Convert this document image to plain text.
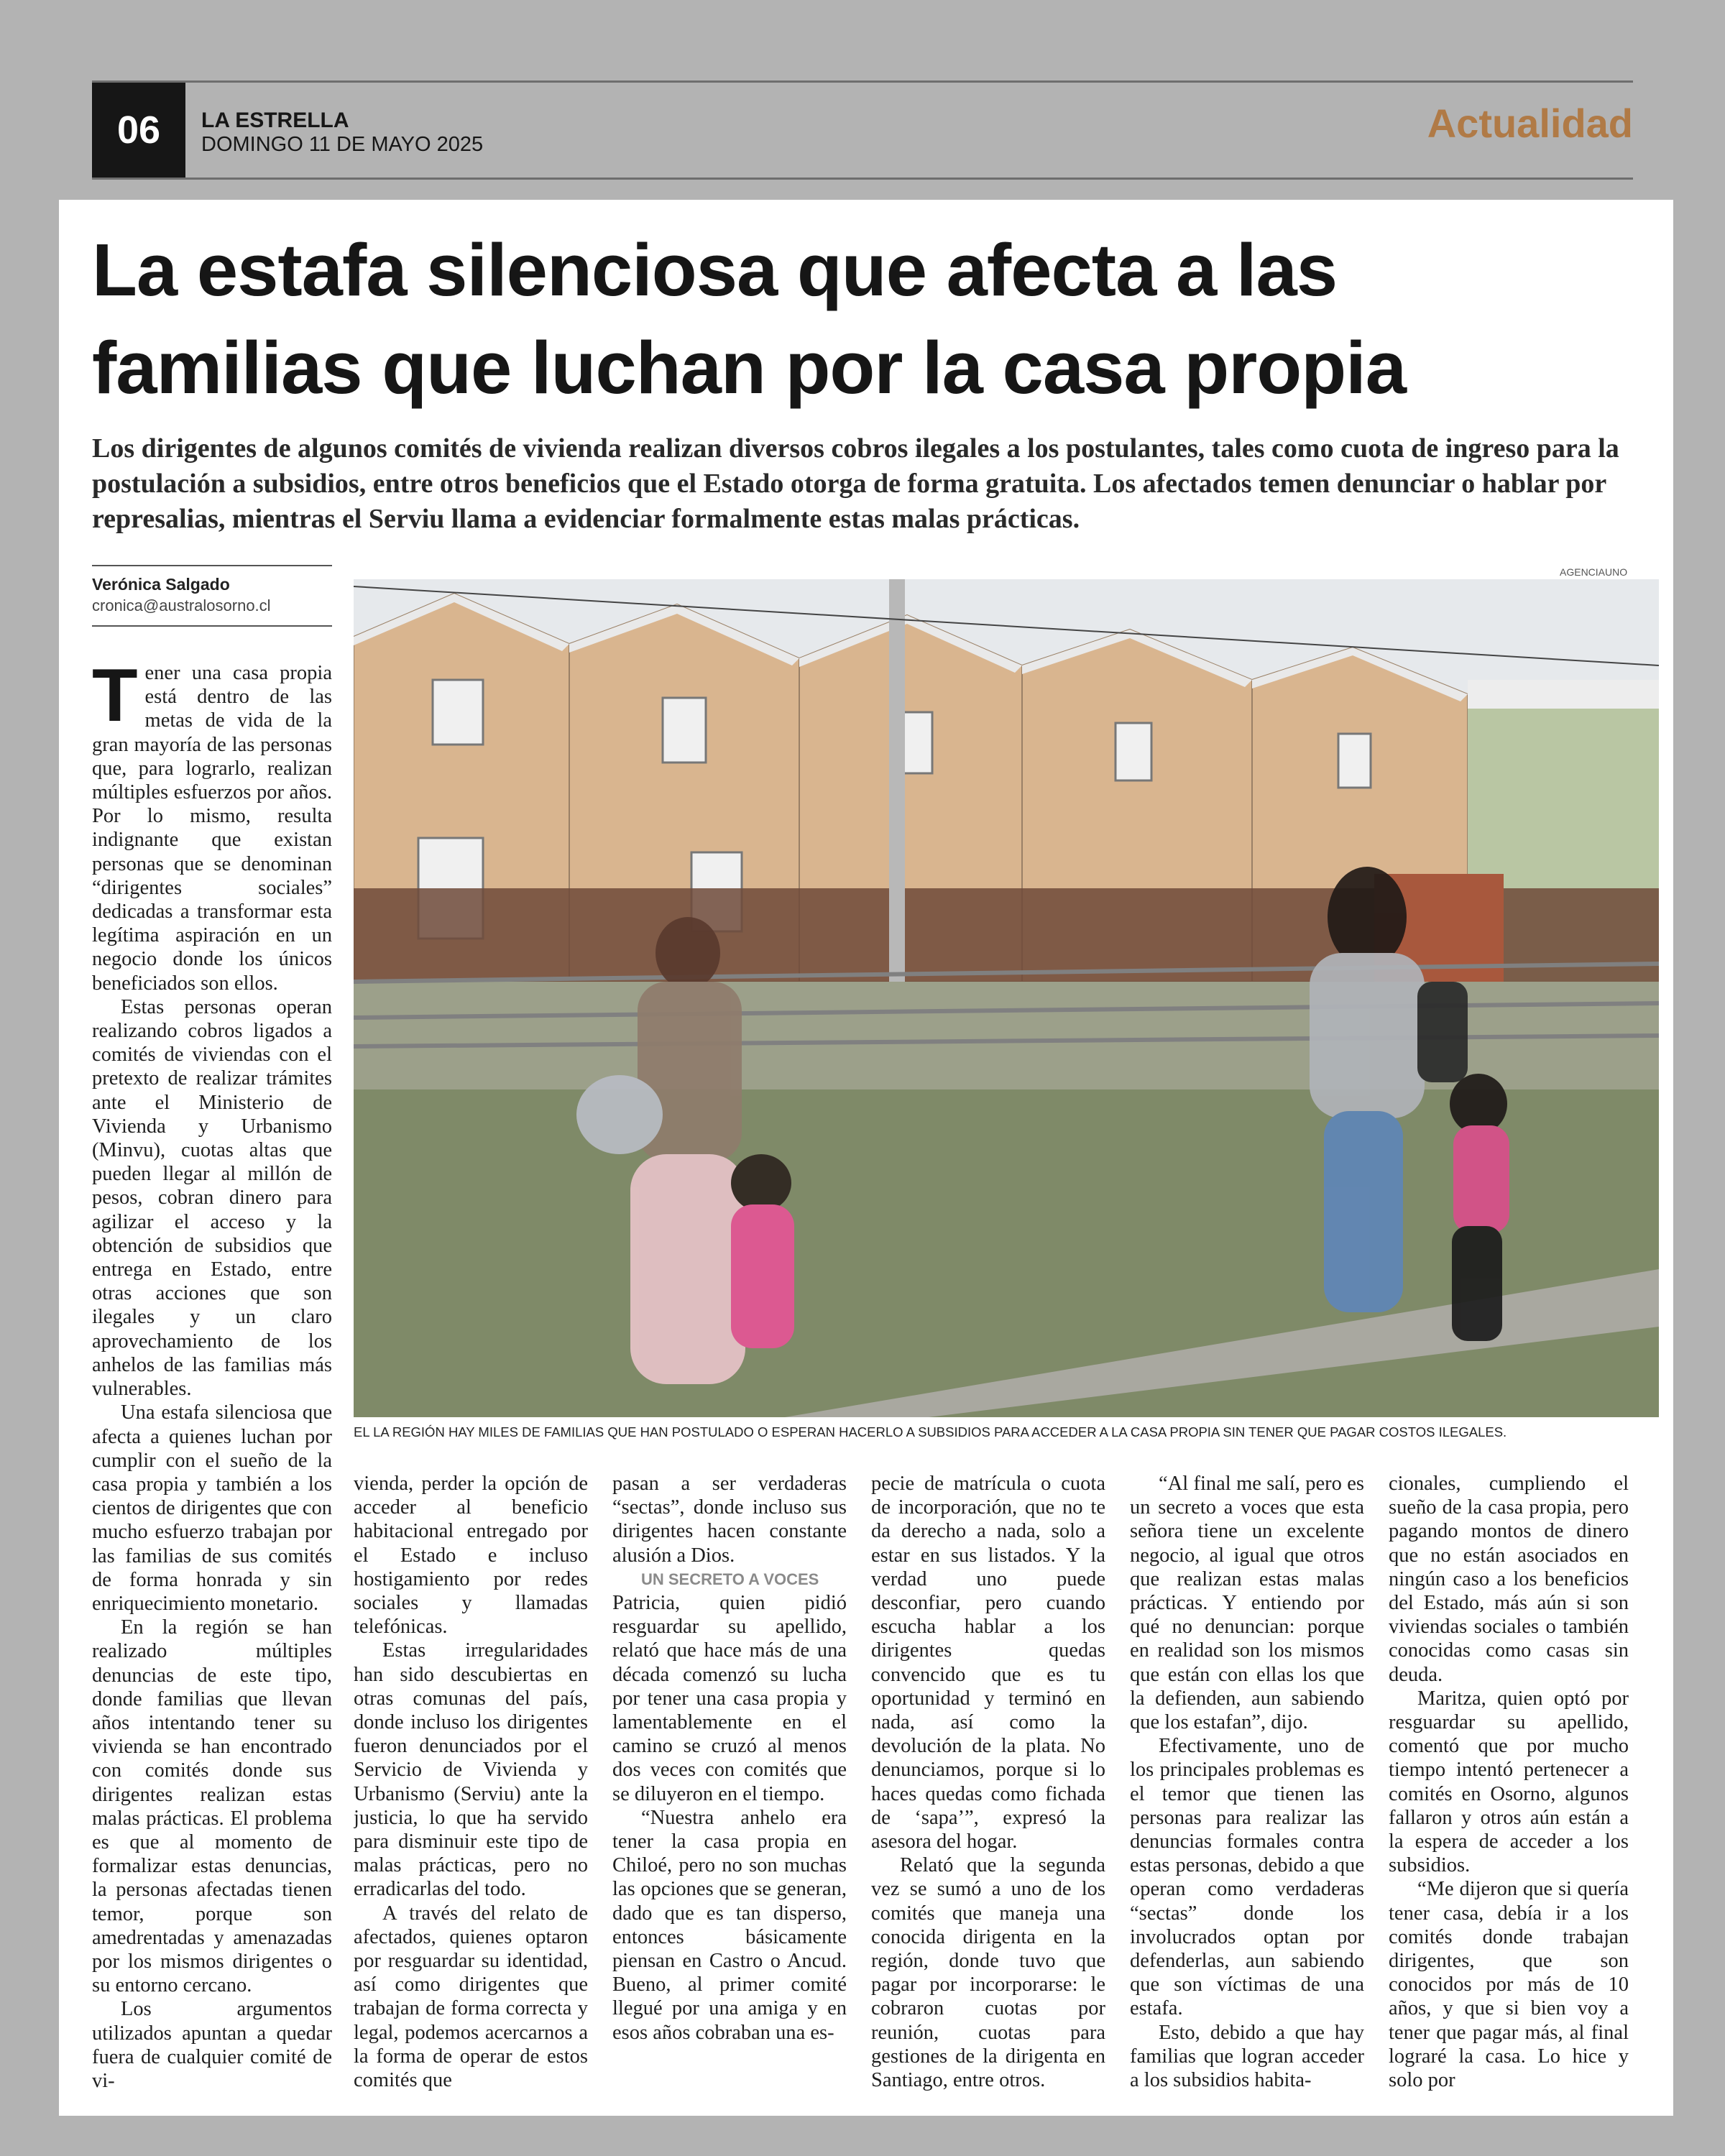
06	LA ESTRELLA
DOMINGO 11 DE MAYO 2025	Actualidad
La estafa silenciosa que afecta a las
familias que luchan por la casa propia
Los dirigentes de algunos comités de vivienda realizan diversos cobros ilegales a los postulantes, tales como cuota de ingreso para la postulación a subsidios, entre otros beneficios que el Estado otorga de forma gratuita. Los afectados temen denunciar o hablar por represalias, mientras el Serviu llama a evidenciar formalmente estas malas prácticas.
Verónica Salgado
cronica@australosorno.cl
AGENCIAUNO
EL LA REGIÓN HAY MILES DE FAMILIAS QUE HAN POSTULADO O ESPERAN HACERLO A SUBSIDIOS PARA ACCEDER A LA CASA PROPIA SIN TENER QUE PAGAR COSTOS ILEGALES.

Tener una casa propia está dentro de las metas de vida de la gran mayoría de las personas que, para lograrlo, realizan múltiples esfuerzos por años. Por lo mismo, resulta indignante que existan personas que se denominan “dirigentes sociales” dedicadas a transformar esta legítima aspiración en un negocio donde los únicos beneficiados son ellos.

Estas personas operan realizando cobros ligados a comités de viviendas con el pretexto de realizar trámites ante el Ministerio de Vivienda y Urbanismo (Minvu), cuotas altas que pueden llegar al millón de pesos, cobran dinero para agilizar el acceso y la obtención de subsidios que entrega en Estado, entre otras acciones que son ilegales y un claro aprovechamiento de los anhelos de las familias más vulnerables.

Una estafa silenciosa que afecta a quienes luchan por cumplir con el sueño de la casa propia y también a los cientos de dirigentes que con mucho esfuerzo trabajan por las familias de sus comités de forma honrada y sin enriquecimiento monetario.

En la región se han realizado múltiples denuncias de este tipo, donde familias que llevan años intentando tener su vivienda se han encontrado con comités donde sus dirigentes realizan estas malas prácticas. El problema es que al momento de formalizar estas denuncias, la personas afectadas tienen temor, porque son amedrentadas y amenazadas por los mismos dirigentes o su entorno cercano.

Los argumentos utilizados apuntan a quedar fuera de cualquier comité de vi-

vienda, perder la opción de acceder al beneficio habitacional entregado por el Estado e incluso hostigamiento por redes sociales y llamadas telefónicas.

Estas irregularidades han sido descubiertas en otras comunas del país, donde incluso los dirigentes fueron denunciados por el Servicio de Vivienda y Urbanismo (Serviu) ante la justicia, lo que ha servido para disminuir este tipo de malas prácticas, pero no erradicarlas del todo.

A través del relato de afectados, quienes optaron por resguardar su identidad, así como dirigentes que trabajan de forma correcta y legal, podemos acercarnos a la forma de operar de estos comités que

pasan a ser verdaderas “sectas”, donde incluso sus dirigentes hacen constante alusión a Dios.

UN SECRETO A VOCES

Patricia, quien pidió resguardar su apellido, relató que hace más de una década comenzó su lucha por tener una casa propia y lamentablemente en el camino se cruzó al menos dos veces con comités que se diluyeron en el tiempo.

“Nuestra anhelo era tener la casa propia en Chiloé, pero no son muchas las opciones que se generan, dado que es tan disperso, entonces básicamente piensan en Castro o Ancud. Bueno, al primer comité llegué por una amiga y en esos años cobraban una es-

pecie de matrícula o cuota de incorporación, que no te da derecho a nada, solo a estar en sus listados. Y la verdad uno puede desconfiar, pero cuando escucha hablar a los dirigentes quedas convencido que es tu oportunidad y terminó en nada, así como la devolución de la plata. No denunciamos, porque si lo haces quedas como fichada de ‘sapa’”, expresó la asesora del hogar.

Relató que la segunda vez se sumó a uno de los comités que maneja una conocida dirigenta en la región, donde tuvo que pagar por incorporarse: le cobraron cuotas por reunión, cuotas para gestiones de la dirigenta en Santiago, entre otros.

“Al final me salí, pero es un secreto a voces que esta señora tiene un excelente negocio, al igual que otros que realizan estas malas prácticas. Y entiendo por qué no denuncian: porque en realidad son los mismos que están con ellas los que la defienden, aun sabiendo que los estafan”, dijo.

Efectivamente, uno de los principales problemas es el temor que tienen las personas para realizar las denuncias formales contra estas personas, debido a que operan como verdaderas “sectas” donde los involucrados optan por defenderlas, aun sabiendo que son víctimas de una estafa.

Esto, debido a que hay familias que logran acceder a los subsidios habita-

cionales, cumpliendo el sueño de la casa propia, pero pagando montos de dinero que no están asociados en ningún caso a los beneficios del Estado, más aún si son viviendas sociales o también conocidas como casas sin deuda.

Maritza, quien optó por resguardar su apellido, comentó que por mucho tiempo intentó pertenecer a comités en Osorno, algunos fallaron y otros aún están a la espera de acceder a los subsidios.

“Me dijeron que si quería tener casa, debía ir a los comités donde trabajan dirigentes, que son conocidos por más de 10 años, y que si bien voy a tener que pagar más, al final lograré la casa. Lo hice y solo por
